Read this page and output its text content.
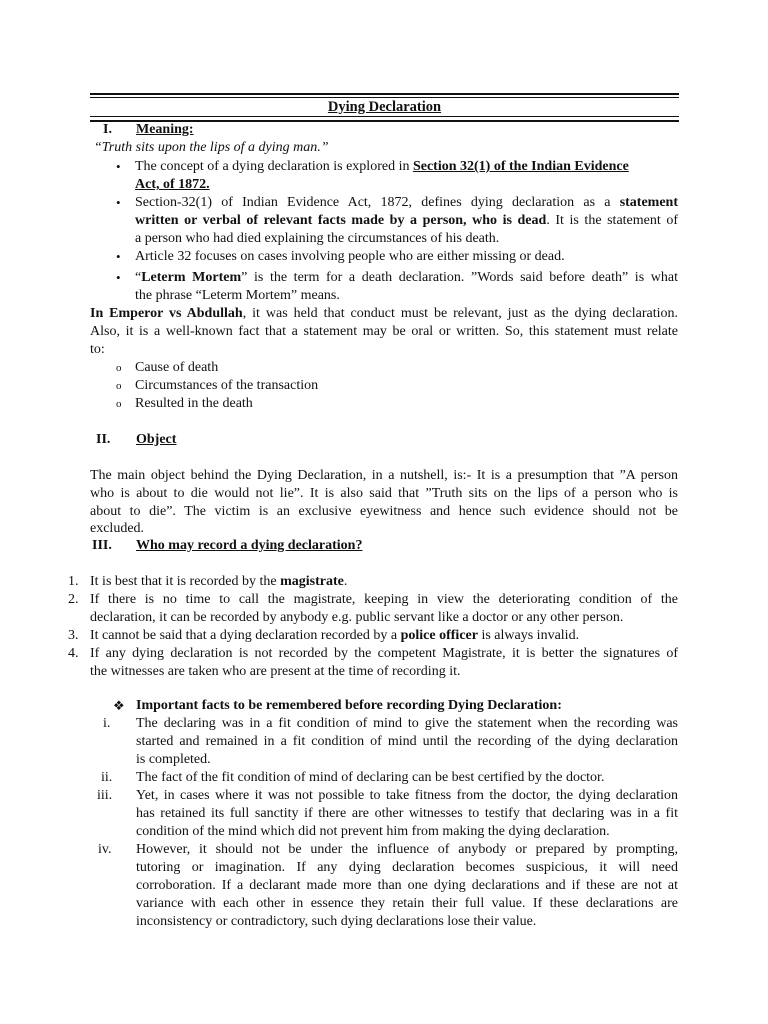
Dying Declaration
I. Meaning:
“Truth sits upon the lips of a dying man.”
• The concept of a dying declaration is explored in Section 32(1) of the Indian Evidence
Act, of 1872.
• Section-32(1) of Indian Evidence Act, 1872, defines dying declaration as a statement
written or verbal of relevant facts made by a person, who is dead. It is the statement of
a person who had died explaining the circumstances of his death.
• Article 32 focuses on cases involving people who are either missing or dead.
• “Leterm Mortem” is the term for a death declaration. ”Words said before death” is what
the phrase “Leterm Mortem” means.
In Emperor vs Abdullah, it was held that conduct must be relevant, just as the dying declaration.
Also, it is a well-known fact that a statement may be oral or written. So, this statement must relate
to:
o Cause of death
o Circumstances of the transaction
o Resulted in the death
II. Object
The main object behind the Dying Declaration, in a nutshell, is:- It is a presumption that ”A person
who is about to die would not lie”. It is also said that ”Truth sits on the lips of a person who is
about to die”. The victim is an exclusive eyewitness and hence such evidence should not be
excluded.
III. Who may record a dying declaration?
1. It is best that it is recorded by the magistrate.
2. If there is no time to call the magistrate, keeping in view the deteriorating condition of the
declaration, it can be recorded by anybody e.g. public servant like a doctor or any other person.
3. It cannot be said that a dying declaration recorded by a police officer is always invalid.
4. If any dying declaration is not recorded by the competent Magistrate, it is better the signatures of
the witnesses are taken who are present at the time of recording it.
❖ Important facts to be remembered before recording Dying Declaration:
i. The declaring was in a fit condition of mind to give the statement when the recording was
started and remained in a fit condition of mind until the recording of the dying declaration
is completed.
ii. The fact of the fit condition of mind of declaring can be best certified by the doctor.
iii. Yet, in cases where it was not possible to take fitness from the doctor, the dying declaration
has retained its full sanctity if there are other witnesses to testify that declaring was in a fit
condition of the mind which did not prevent him from making the dying declaration.
iv. However, it should not be under the influence of anybody or prepared by prompting,
tutoring or imagination. If any dying declaration becomes suspicious, it will need
corroboration. If a declarant made more than one dying declarations and if these are not at
variance with each other in essence they retain their full value. If these declarations are
inconsistency or contradictory, such dying declarations lose their value.
